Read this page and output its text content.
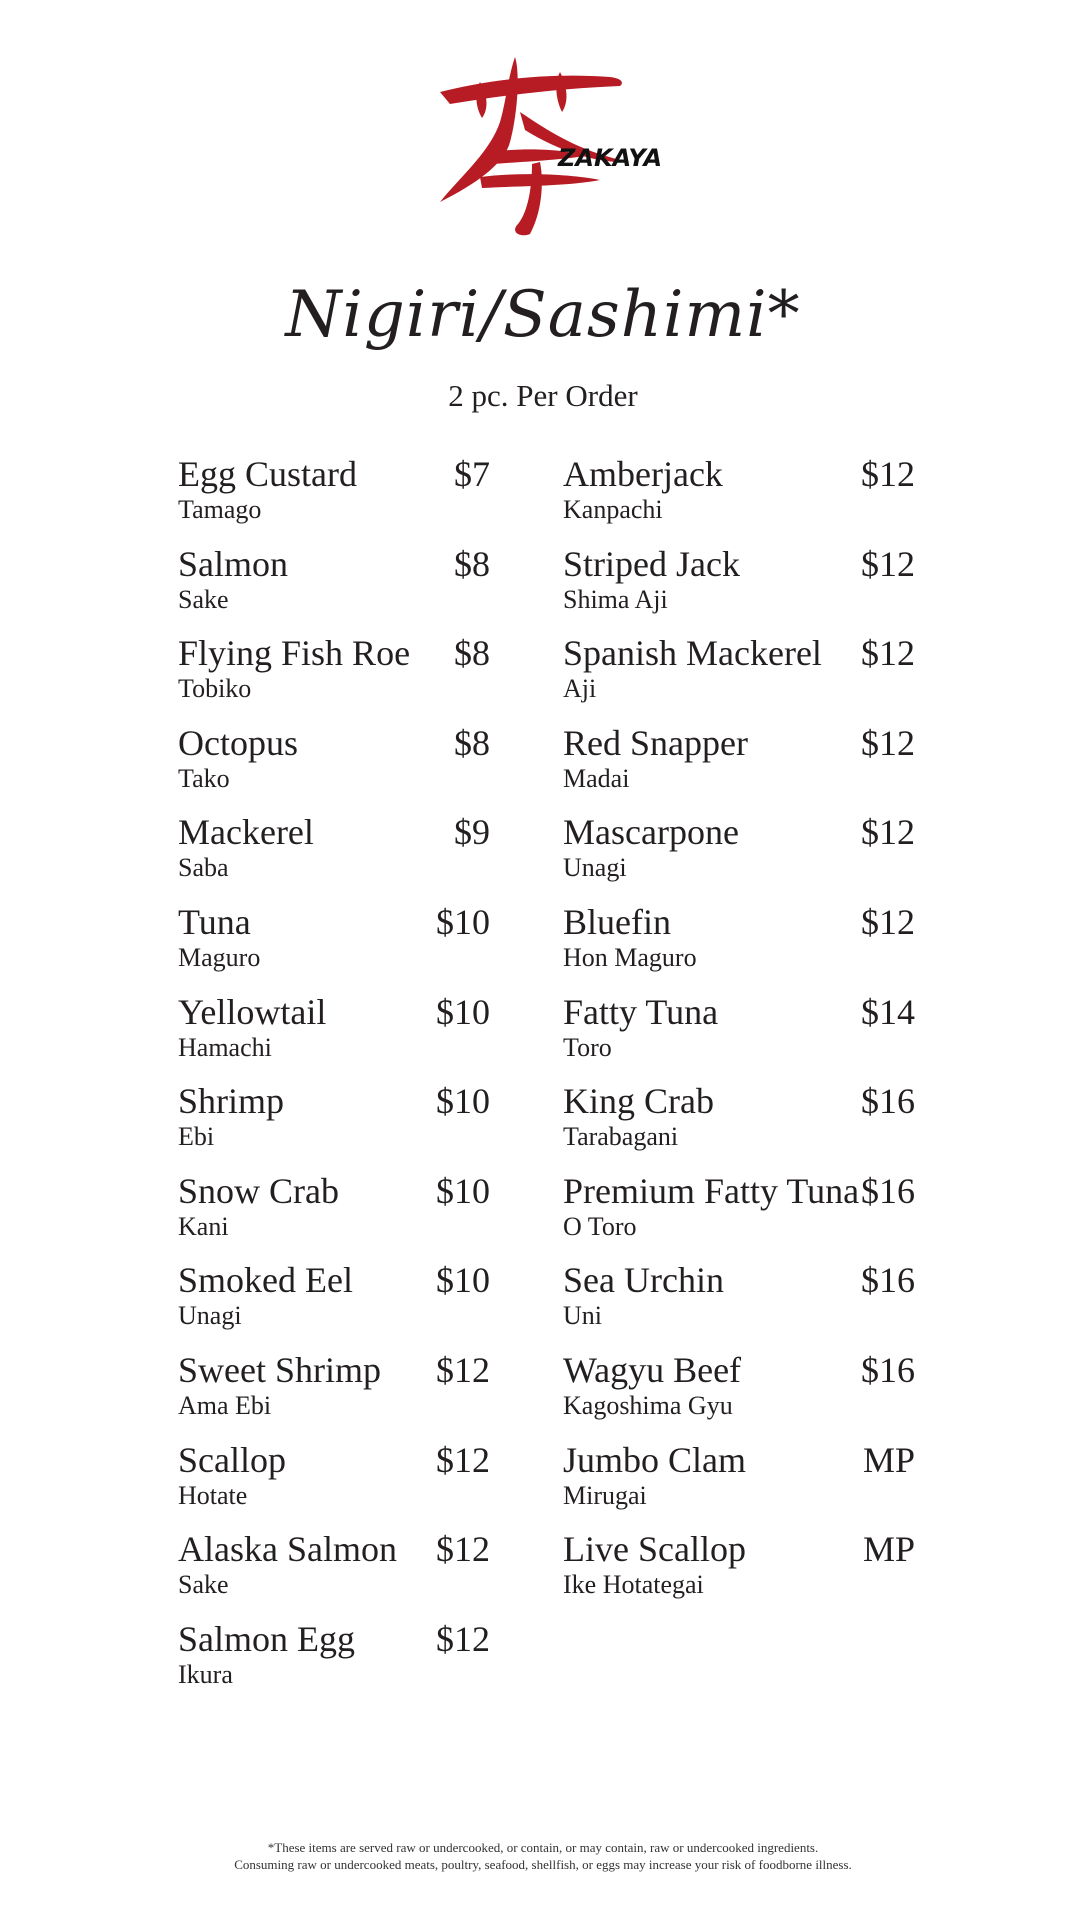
ZAKAYA
Nigiri/Sashimi*
2 pc. Per Order
Egg Custard
Tamago
$7
Salmon
Sake
$8
Flying Fish Roe
Tobiko
$8
Octopus
Tako
$8
Mackerel
Saba
$9
Tuna
Maguro
$10
Yellowtail
Hamachi
$10
Shrimp
Ebi
$10
Snow Crab
Kani
$10
Smoked Eel
Unagi
$10
Sweet Shrimp
Ama Ebi
$12
Scallop
Hotate
$12
Alaska Salmon
Sake
$12
Salmon Egg
Ikura
$12
Amberjack
Kanpachi
$12
Striped Jack
Shima Aji
$12
Spanish Mackerel
Aji
$12
Red Snapper
Madai
$12
Mascarpone
Unagi
$12
Bluefin
Hon Maguro
$12
Fatty Tuna
Toro
$14
King Crab
Tarabagani
$16
Premium Fatty Tuna
O Toro
$16
Sea Urchin
Uni
$16
Wagyu Beef
Kagoshima Gyu
$16
Jumbo Clam
Mirugai
MP
Live Scallop
Ike Hotategai
MP
*These items are served raw or undercooked, or contain, or may contain, raw or undercooked ingredients.
Consuming raw or undercooked meats, poultry, seafood, shellfish, or eggs may increase your risk of foodborne illness.
